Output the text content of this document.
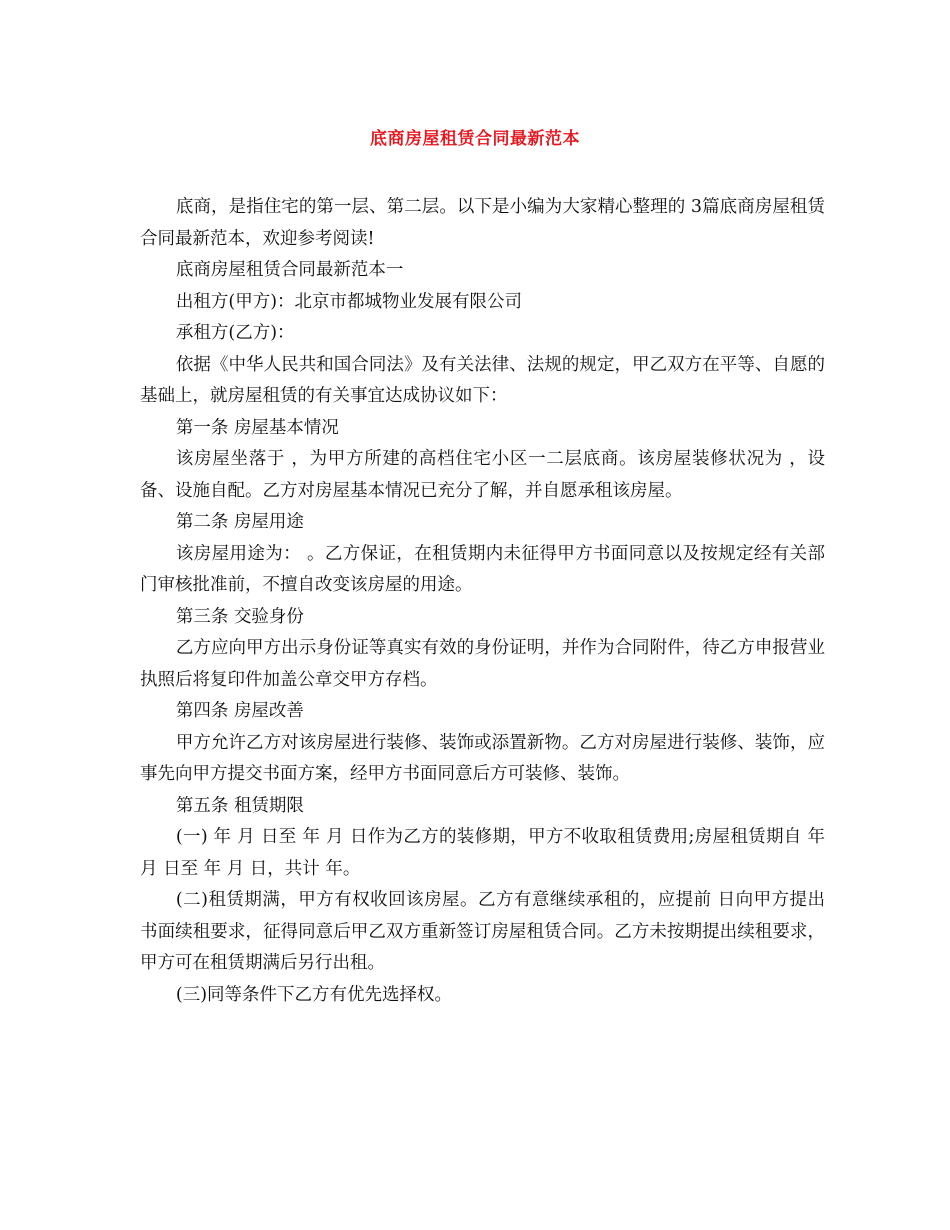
底商房屋租赁合同最新范本

底商，是指住宅的第一层、第二层。以下是小编为大家精心整理的 3篇底商房屋租赁合同最新范本，欢迎参考阅读!

底商房屋租赁合同最新范本一

出租方(甲方)：北京市都城物业发展有限公司

承租方(乙方)：

依据《中华人民共和国合同法》及有关法律、法规的规定，甲乙双方在平等、自愿的基础上，就房屋租赁的有关事宜达成协议如下：

第一条 房屋基本情况

该房屋坐落于 ，为甲方所建的高档住宅小区一二层底商。该房屋装修状况为 ，设备、设施自配。乙方对房屋基本情况已充分了解，并自愿承租该房屋。

第二条 房屋用途

该房屋用途为： 。乙方保证，在租赁期内未征得甲方书面同意以及按规定经有关部门审核批准前，不擅自改变该房屋的用途。

第三条 交验身份

乙方应向甲方出示身份证等真实有效的身份证明，并作为合同附件，待乙方申报营业执照后将复印件加盖公章交甲方存档。

第四条 房屋改善

甲方允许乙方对该房屋进行装修、装饰或添置新物。乙方对房屋进行装修、装饰，应事先向甲方提交书面方案，经甲方书面同意后方可装修、装饰。

第五条 租赁期限

(一) 年 月 日至 年 月 日作为乙方的装修期，甲方不收取租赁费用;房屋租赁期自 年 月 日至 年 月 日，共计 年。

(二)租赁期满，甲方有权收回该房屋。乙方有意继续承租的，应提前 日向甲方提出书面续租要求，征得同意后甲乙双方重新签订房屋租赁合同。乙方未按期提出续租要求，甲方可在租赁期满后另行出租。

(三)同等条件下乙方有优先选择权。
